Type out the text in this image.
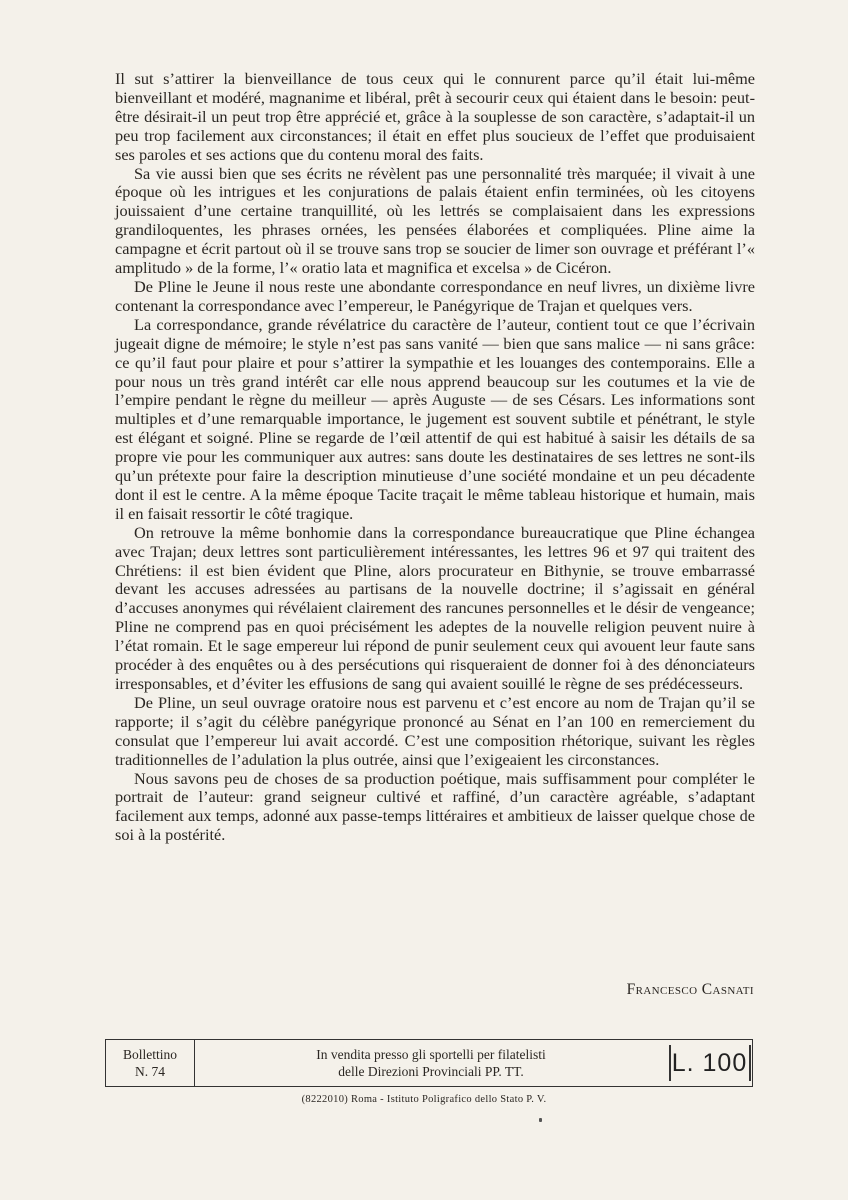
Il sut s’attirer la bienveillance de tous ceux qui le connurent parce qu’il était lui-même bienveillant et modéré, magnanime et libéral, prêt à secourir ceux qui étaient dans le besoin: peut-être désirait-il un peut trop être apprécié et, grâce à la souplesse de son caractère, s’adaptait-il un peu trop facilement aux circonstances; il était en effet plus soucieux de l’effet que produisaient ses paroles et ses actions que du contenu moral des faits.

Sa vie aussi bien que ses écrits ne révèlent pas une personnalité très marquée; il vivait à une époque où les intrigues et les conjurations de palais étaient enfin terminées, où les citoyens jouissaient d’une certaine tranquillité, où les lettrés se complaisaient dans les expressions grandiloquentes, les phrases ornées, les pensées élaborées et compliquées. Pline aime la campagne et écrit partout où il se trouve sans trop se soucier de limer son ouvrage et préférant l’« amplitudo » de la forme, l’« oratio lata et magnifica et excelsa » de Cicéron.

De Pline le Jeune il nous reste une abondante correspondance en neuf livres, un dixième livre contenant la correspondance avec l’empereur, le Panégyrique de Trajan et quelques vers.

La correspondance, grande révélatrice du caractère de l’auteur, contient tout ce que l’écrivain jugeait digne de mémoire; le style n’est pas sans vanité — bien que sans malice — ni sans grâce: ce qu’il faut pour plaire et pour s’attirer la sympathie et les louanges des contemporains. Elle a pour nous un très grand intérêt car elle nous apprend beaucoup sur les coutumes et la vie de l’empire pendant le règne du meilleur — après Auguste — de ses Césars. Les informations sont multiples et d’une remarquable importance, le jugement est souvent subtile et pénétrant, le style est élégant et soigné. Pline se regarde de l’œil attentif de qui est habitué à saisir les détails de sa propre vie pour les communiquer aux autres: sans doute les destinataires de ses lettres ne sont-ils qu’un prétexte pour faire la description minutieuse d’une société mondaine et un peu décadente dont il est le centre. A la même époque Tacite traçait le même tableau historique et humain, mais il en faisait ressortir le côté tragique.

On retrouve la même bonhomie dans la correspondance bureaucratique que Pline échangea avec Trajan; deux lettres sont particulièrement intéressantes, les lettres 96 et 97 qui traitent des Chrétiens: il est bien évident que Pline, alors procurateur en Bithynie, se trouve embarrassé devant les accuses adressées au partisans de la nouvelle doctrine; il s’agissait en général d’accuses anonymes qui révélaient clairement des rancunes personnelles et le désir de vengeance; Pline ne comprend pas en quoi précisément les adeptes de la nouvelle religion peuvent nuire à l’état romain. Et le sage empereur lui répond de punir seulement ceux qui avouent leur faute sans procéder à des enquêtes ou à des persécutions qui risqueraient de donner foi à des dénonciateurs irresponsables, et d’éviter les effusions de sang qui avaient souillé le règne de ses prédécesseurs.

De Pline, un seul ouvrage oratoire nous est parvenu et c’est encore au nom de Trajan qu’il se rapporte; il s’agit du célèbre panégyrique prononcé au Sénat en l’an 100 en remerciement du consulat que l’empereur lui avait accordé. C’est une composition rhétorique, suivant les règles traditionnelles de l’adulation la plus outrée, ainsi que l’exigeaient les circonstances.

Nous savons peu de choses de sa production poétique, mais suffisamment pour compléter le portrait de l’auteur: grand seigneur cultivé et raffiné, d’un caractère agréable, s’adaptant facilement aux temps, adonné aux passe-temps littéraires et ambitieux de laisser quelque chose de soi à la postérité.

Francesco Casnati
Bollettino
N. 74
In vendita presso gli sportelli per filatelisti
delle Direzioni Provinciali PP. TT.	L. 100
(8222010) Roma - Istituto Poligrafico dello Stato P. V.
